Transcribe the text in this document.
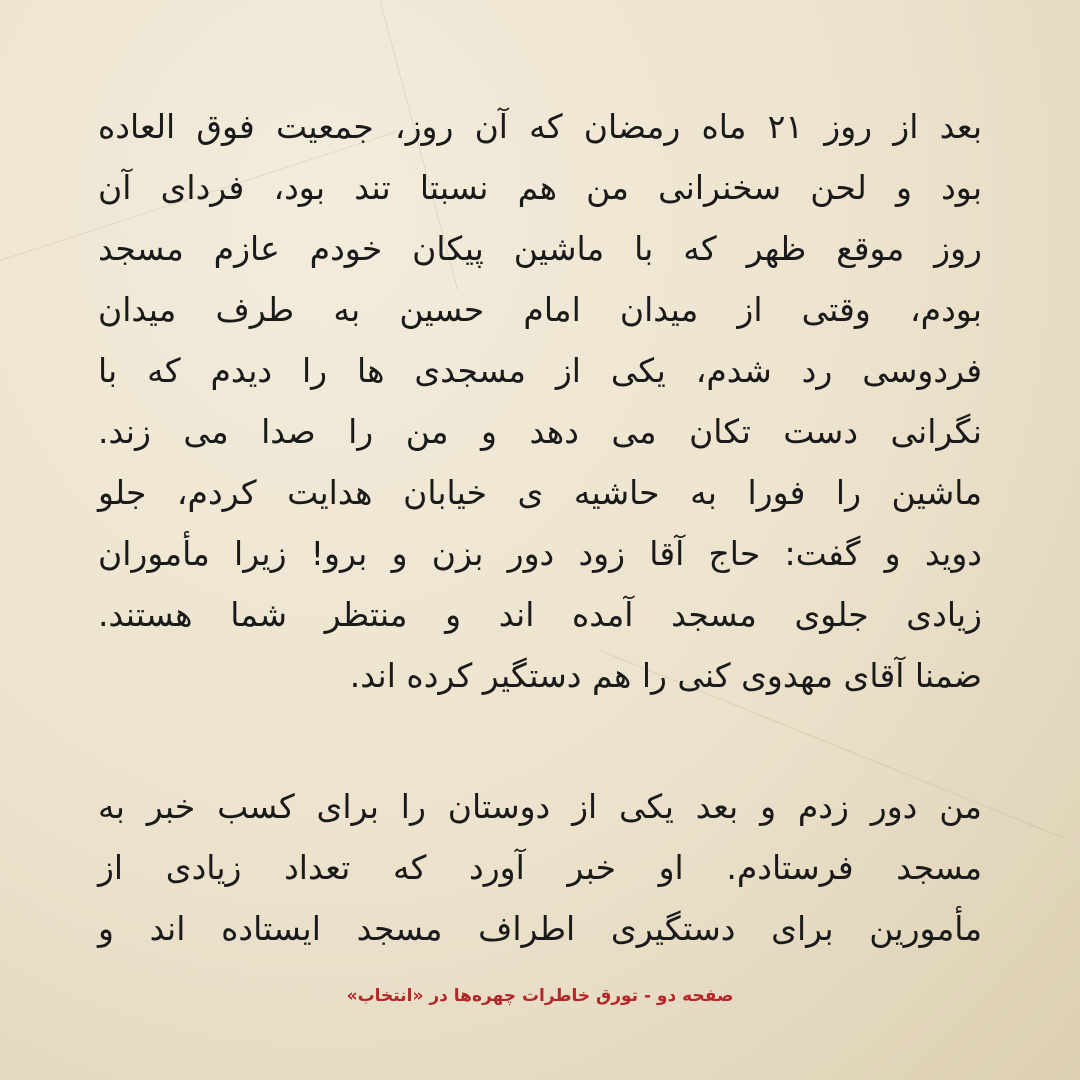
بعد از روز ۲۱ ماه رمضان که آن روز، جمعیت فوق العاده
بود و لحن سخنرانی من هم نسبتا تند بود، فردای آن
روز موقع ظهر که با ماشین پیکان خودم عازم مسجد
بودم، وقتی از میدان امام حسین به طرف میدان
فردوسی رد شدم، یکی از مسجدی ها را دیدم که با
نگرانی دست تکان می دهد و من را صدا می زند.
ماشین را فورا به حاشیه ی خیابان هدایت کردم، جلو
دوید و گفت: حاج آقا زود دور بزن و برو! زیرا مأموران
زیادی جلوی مسجد آمده اند و منتظر شما هستند.
ضمنا آقای مهدوی کنی را هم دستگیر کرده اند.
من دور زدم و بعد یکی از دوستان را برای کسب خبر به
مسجد فرستادم. او خبر آورد که تعداد زیادی از
مأمورین برای دستگیری اطراف مسجد ایستاده اند و
صفحه دو - تورق خاطرات چهره‌ها در «انتخاب»
